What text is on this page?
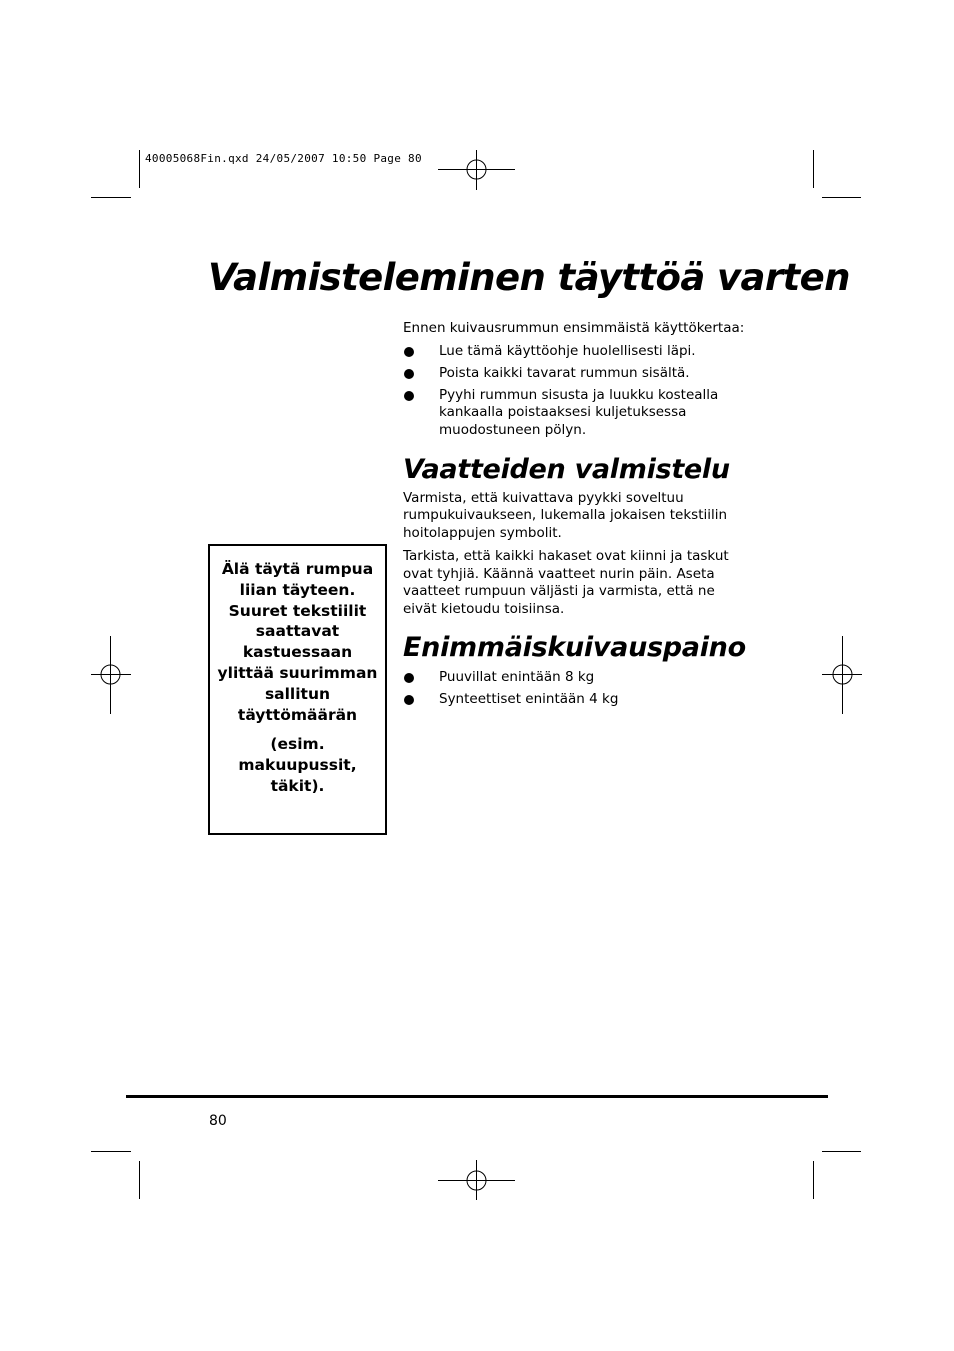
40005068Fin.qxd 24/05/2007 10:50 Page 80
Valmisteleminen täyttöä varten

Ennen kuivausrummun ensimmäistä käyttökertaa:

Lue tämä käyttöohje huolellisesti läpi.
Poista kaikki tavarat rummun sisältä.
Pyyhi rummun sisusta ja luukku kostealla kankaalla poistaaksesi kuljetuksessa muodostuneen pölyn.
Vaatteiden valmistelu

Varmista, että kuivattava pyykki soveltuu rumpukuivaukseen, lukemalla jokaisen tekstiilin hoitolappujen symbolit.

Tarkista, että kaikki hakaset ovat kiinni ja taskut ovat tyhjiä. Käännä vaatteet nurin päin. Aseta vaatteet rumpuun väljästi ja varmista, että ne eivät kietoudu toisiinsa.

Enimmäiskuivauspaino
Puuvillat enintään 8 kg
Synteettiset enintään 4 kg

Älä täytä rumpua liian täyteen. Suuret tekstiilit saattavat kastuessaan ylittää suurimman sallitun täyttömäärän

(esim. makuupussit, täkit).

80
